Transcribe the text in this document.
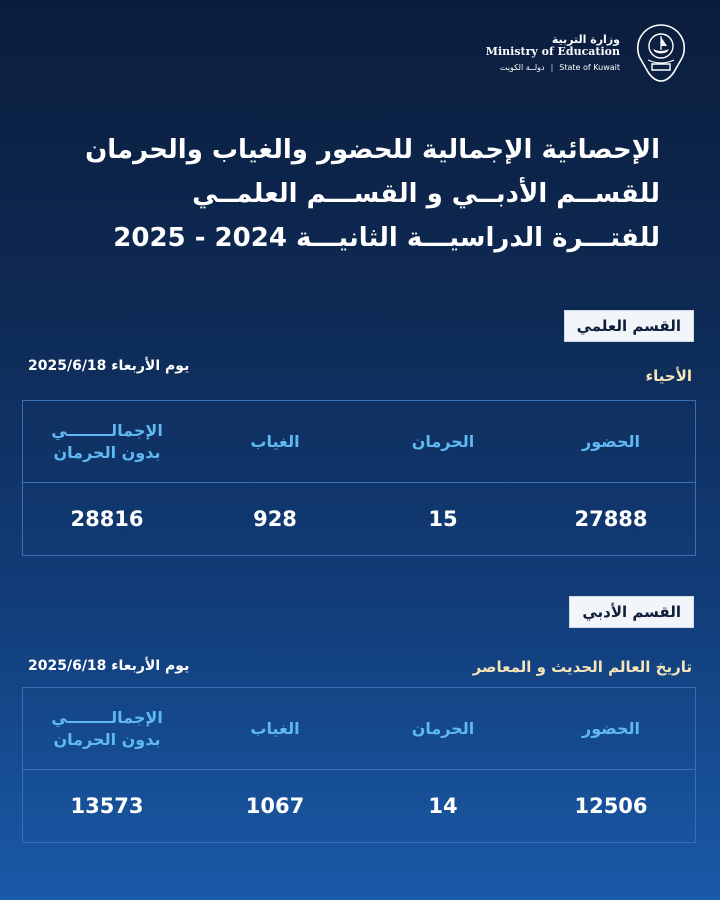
وزارة التربية
Ministry of Education
دولــة الكويت | State of Kuwait
الإحصائية الإجمالية للحضور والغياب والحرمان
للقســم الأدبــي و القســـم العلمــي
للفتـــرة الدراسيـــة الثانيـــة 2024 - 2025
القسم العلمي
الأحياء
يوم الأربعاء 2025/6/18
الحضور
الحرمان
الغياب
الإجمالــــــــي
بدون الحرمان
27888
15
928
28816
القسم الأدبي
تاريخ العالم الحديث و المعاصر
يوم الأربعاء 2025/6/18
الحضور
الحرمان
الغياب
الإجمالــــــــي
بدون الحرمان
12506
14
1067
13573
